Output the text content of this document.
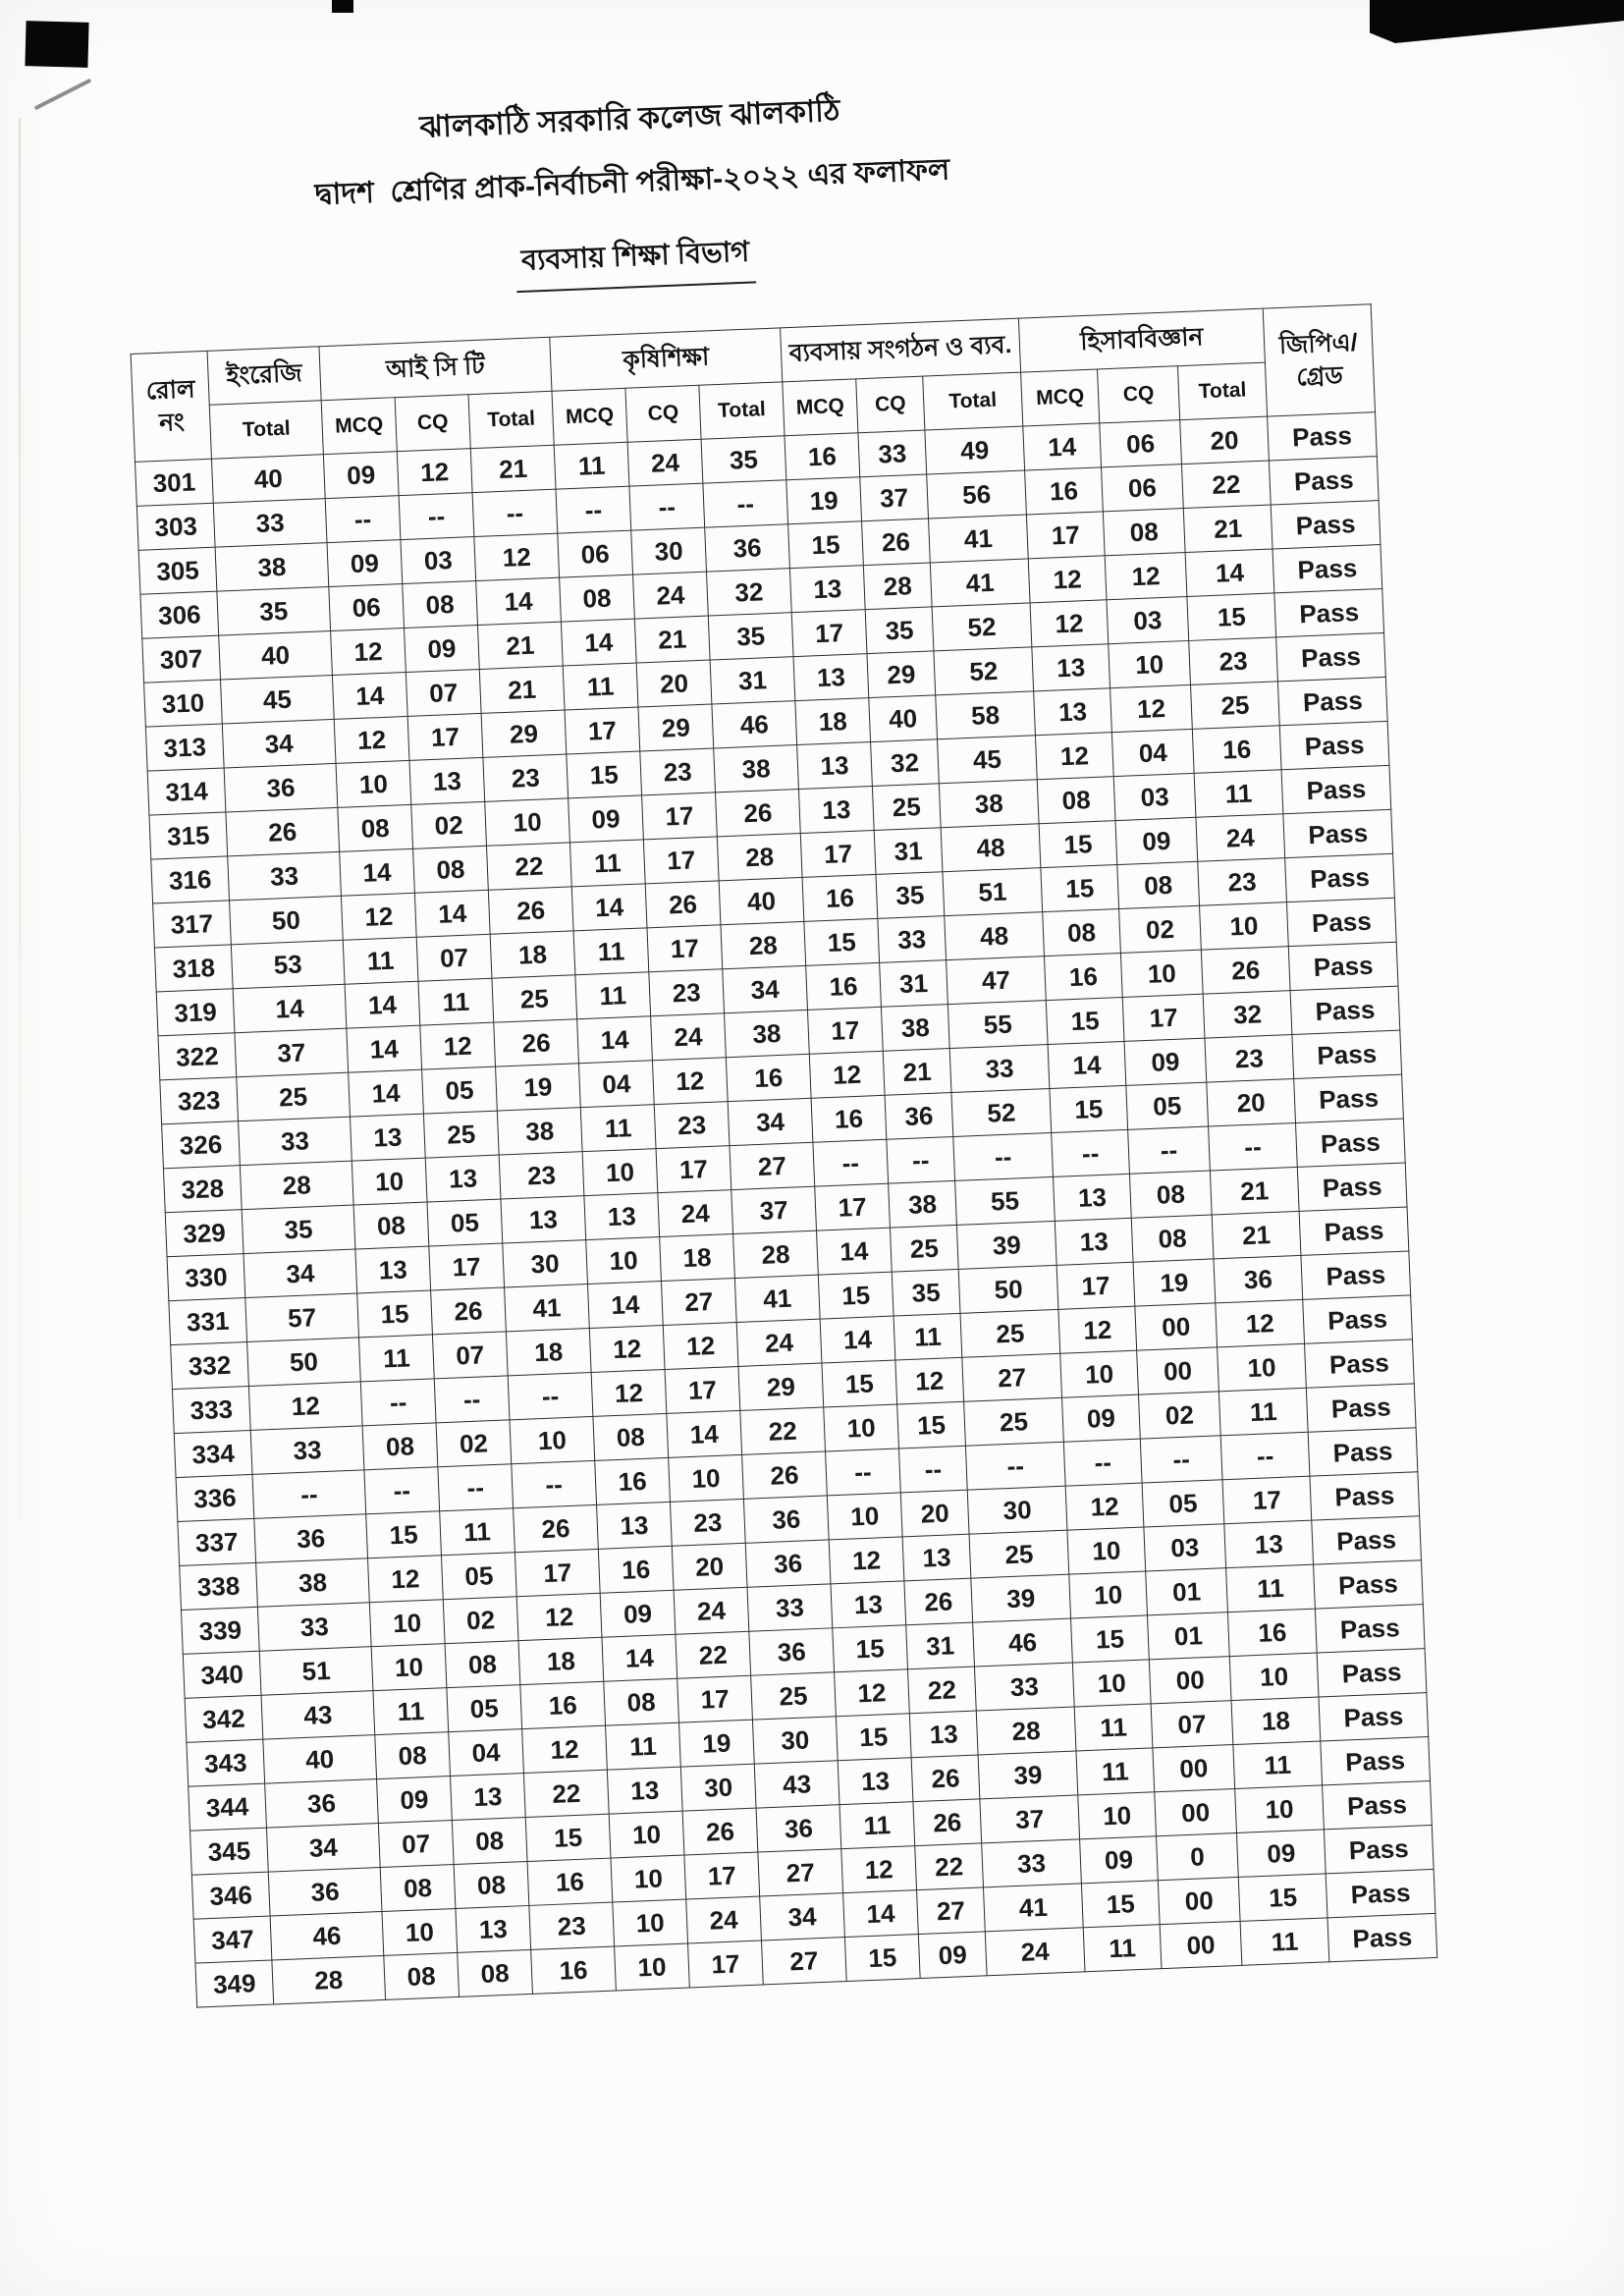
ঝালকাঠি সরকারি কলেজ ঝালকাঠি
দ্বাদশ  শ্রেণির প্রাক-নির্বাচনী পরীক্ষা-২০২২ এর ফলাফল
ব্যবসায় শিক্ষা বিভাগ
রোল
নং
	ইংরেজি	আই সি টি	কৃষিশিক্ষা	ব্যবসায় সংগঠন ও ব্যব.	হিসাববিজ্ঞান	জিপিএ/
গ্রেড

	Total	MCQ	CQ	Total	MCQ	CQ	Total	MCQ	CQ	Total	MCQ	CQ	Total	
301	40	09	12	21	11	24	35	16	33	49	14	06	20	Pass
303	33	--	--	--	--	--	--	19	37	56	16	06	22	Pass
305	38	09	03	12	06	30	36	15	26	41	17	08	21	Pass
306	35	06	08	14	08	24	32	13	28	41	12	12	14	Pass
307	40	12	09	21	14	21	35	17	35	52	12	03	15	Pass
310	45	14	07	21	11	20	31	13	29	52	13	10	23	Pass
313	34	12	17	29	17	29	46	18	40	58	13	12	25	Pass
314	36	10	13	23	15	23	38	13	32	45	12	04	16	Pass
315	26	08	02	10	09	17	26	13	25	38	08	03	11	Pass
316	33	14	08	22	11	17	28	17	31	48	15	09	24	Pass
317	50	12	14	26	14	26	40	16	35	51	15	08	23	Pass
318	53	11	07	18	11	17	28	15	33	48	08	02	10	Pass
319	14	14	11	25	11	23	34	16	31	47	16	10	26	Pass
322	37	14	12	26	14	24	38	17	38	55	15	17	32	Pass
323	25	14	05	19	04	12	16	12	21	33	14	09	23	Pass
326	33	13	25	38	11	23	34	16	36	52	15	05	20	Pass
328	28	10	13	23	10	17	27	--	--	--	--	--	--	Pass
329	35	08	05	13	13	24	37	17	38	55	13	08	21	Pass
330	34	13	17	30	10	18	28	14	25	39	13	08	21	Pass
331	57	15	26	41	14	27	41	15	35	50	17	19	36	Pass
332	50	11	07	18	12	12	24	14	11	25	12	00	12	Pass
333	12	--	--	--	12	17	29	15	12	27	10	00	10	Pass
334	33	08	02	10	08	14	22	10	15	25	09	02	11	Pass
336	--	--	--	--	16	10	26	--	--	--	--	--	--	Pass
337	36	15	11	26	13	23	36	10	20	30	12	05	17	Pass
338	38	12	05	17	16	20	36	12	13	25	10	03	13	Pass
339	33	10	02	12	09	24	33	13	26	39	10	01	11	Pass
340	51	10	08	18	14	22	36	15	31	46	15	01	16	Pass
342	43	11	05	16	08	17	25	12	22	33	10	00	10	Pass
343	40	08	04	12	11	19	30	15	13	28	11	07	18	Pass
344	36	09	13	22	13	30	43	13	26	39	11	00	11	Pass
345	34	07	08	15	10	26	36	11	26	37	10	00	10	Pass
346	36	08	08	16	10	17	27	12	22	33	09	0	09	Pass
347	46	10	13	23	10	24	34	14	27	41	15	00	15	Pass
349	28	08	08	16	10	17	27	15	09	24	11	00	11	Pass
